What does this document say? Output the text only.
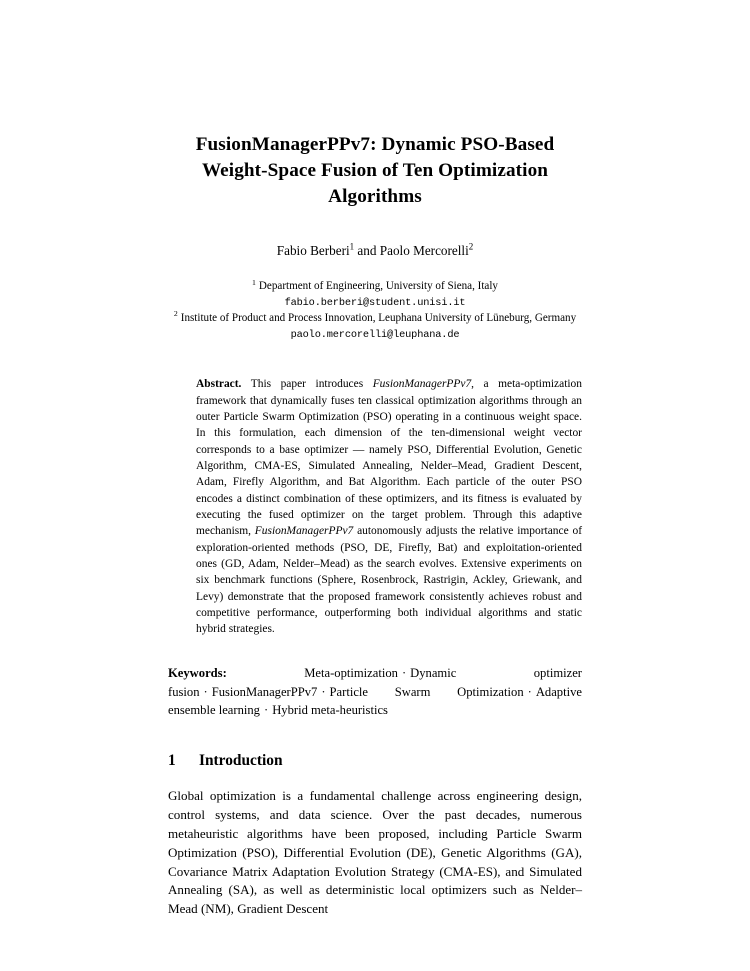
FusionManagerPPv7: Dynamic PSO-Based Weight-Space Fusion of Ten Optimization Algorithms
Fabio Berberi$^1$ and Paolo Mercorelli$^2$
$^1$ Department of Engineering, University of Siena, Italy
fabio.berberi@student.unisi.it
$^2$ Institute of Product and Process Innovation, Leuphana University of Lüneburg, Germany
paolo.mercorelli@leuphana.de
Abstract. This paper introduces FusionManagerPPv7, a meta-optimization framework that dynamically fuses ten classical optimization algorithms through an outer Particle Swarm Optimization (PSO) operating in a continuous weight space. In this formulation, each dimension of the ten-dimensional weight vector corresponds to a base optimizer — namely PSO, Differential Evolution, Genetic Algorithm, CMA-ES, Simulated Annealing, Nelder–Mead, Gradient Descent, Adam, Firefly Algorithm, and Bat Algorithm. Each particle of the outer PSO encodes a distinct combination of these optimizers, and its fitness is evaluated by executing the fused optimizer on the target problem. Through this adaptive mechanism, FusionManagerPPv7 autonomously adjusts the relative importance of exploration-oriented methods (PSO, DE, Firefly, Bat) and exploitation-oriented ones (GD, Adam, Nelder–Mead) as the search evolves. Extensive experiments on six benchmark functions (Sphere, Rosenbrock, Rastrigin, Ackley, Griewank, and Levy) demonstrate that the proposed framework consistently achieves robust and competitive performance, outperforming both individual algorithms and static hybrid strategies.
Keywords:	Meta-optimization · Dynamic optimizer fusion · FusionManagerPPv7 · Particle Swarm Optimization · Adaptive ensemble learning · Hybrid meta-heuristics
1	Introduction

Global optimization is a fundamental challenge across engineering design, control systems, and data science. Over the past decades, numerous metaheuristic algorithms have been proposed, including Particle Swarm Optimization (PSO), Differential Evolution (DE), Genetic Algorithms (GA), Covariance Matrix Adaptation Evolution Strategy (CMA-ES), and Simulated Annealing (SA), as well as deterministic local optimizers such as Nelder–Mead (NM), Gradient Descent
